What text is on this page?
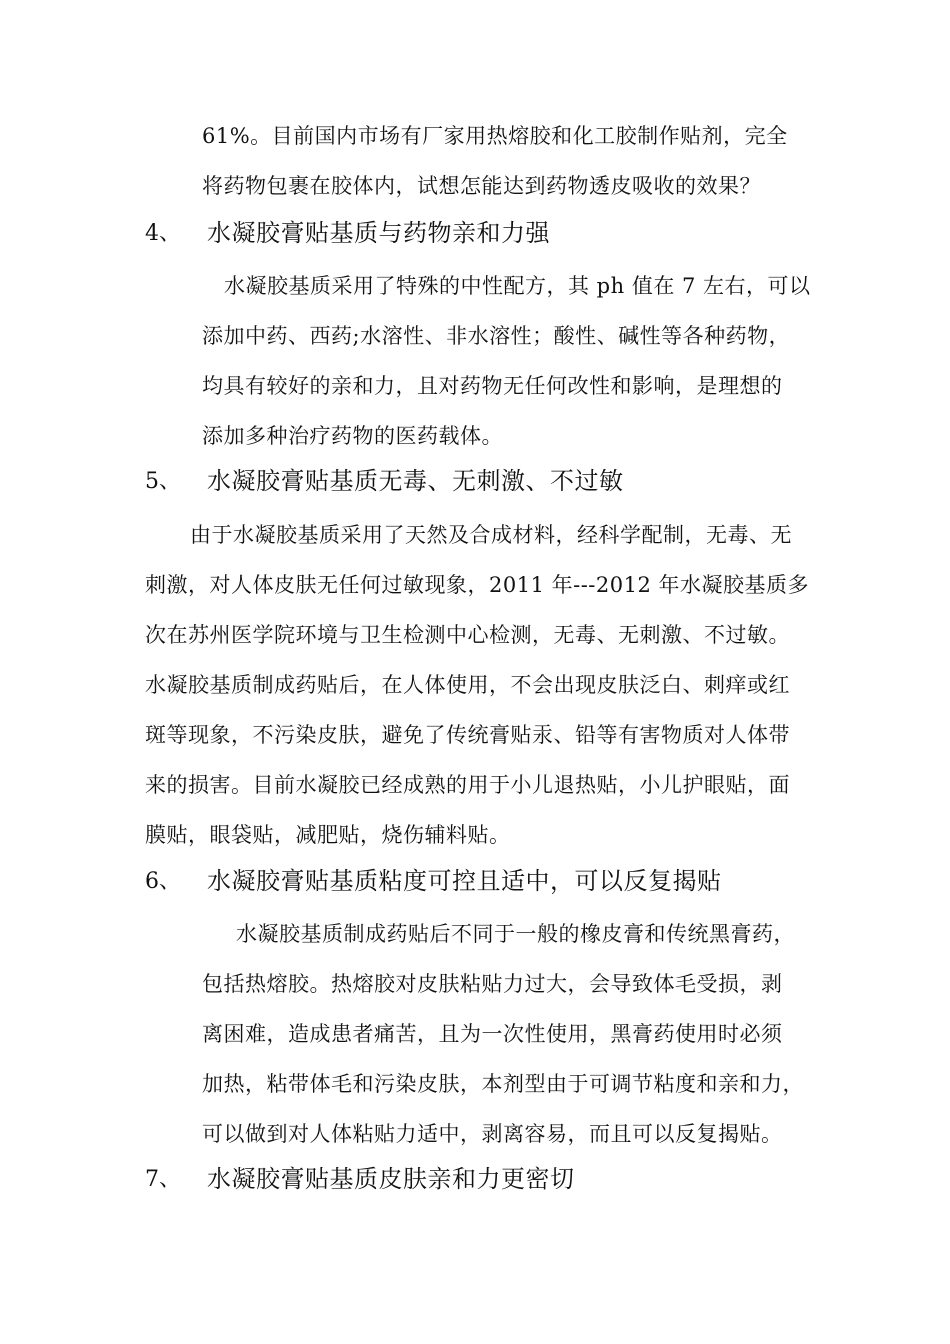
61%。目前国内市场有厂家用热熔胶和化工胶制作贴剂，完全
将药物包裹在胶体内，试想怎能达到药物透皮吸收的效果？
4、 水凝胶膏贴基质与药物亲和力强
水凝胶基质采用了特殊的中性配方，其 ph 值在 7 左右，可以
添加中药、西药;水溶性、非水溶性；酸性、碱性等各种药物，
均具有较好的亲和力，且对药物无任何改性和影响，是理想的
添加多种治疗药物的医药载体。
5、 水凝胶膏贴基质无毒、无刺激、不过敏
由于水凝胶基质采用了天然及合成材料，经科学配制，无毒、无
刺激，对人体皮肤无任何过敏现象，2011 年---2012 年水凝胶基质多
次在苏州医学院环境与卫生检测中心检测，无毒、无刺激、不过敏。
水凝胶基质制成药贴后，在人体使用，不会出现皮肤泛白、刺痒或红
斑等现象，不污染皮肤，避免了传统膏贴汞、铅等有害物质对人体带
来的损害。目前水凝胶已经成熟的用于小儿退热贴，小儿护眼贴，面
膜贴，眼袋贴，减肥贴，烧伤辅料贴。
6、 水凝胶膏贴基质粘度可控且适中，可以反复揭贴
水凝胶基质制成药贴后不同于一般的橡皮膏和传统黑膏药，
包括热熔胶。热熔胶对皮肤粘贴力过大，会导致体毛受损，剥
离困难，造成患者痛苦，且为一次性使用，黑膏药使用时必须
加热，粘带体毛和污染皮肤，本剂型由于可调节粘度和亲和力，
可以做到对人体粘贴力适中，剥离容易，而且可以反复揭贴。
7、 水凝胶膏贴基质皮肤亲和力更密切
